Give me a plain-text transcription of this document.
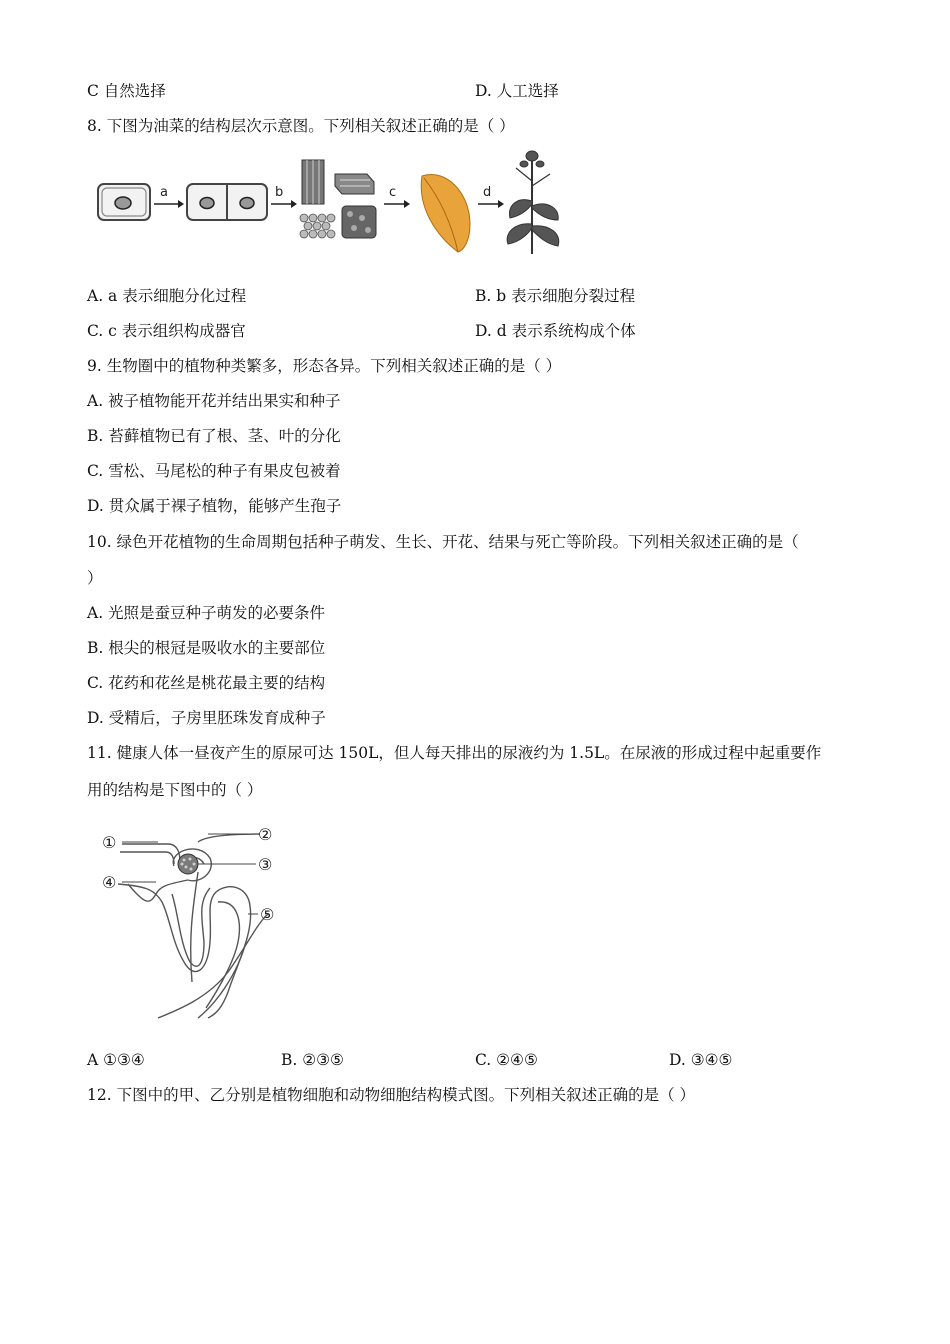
C 自然选择	D. 人工选择
8. 下图为油菜的结构层次示意图。下列相关叙述正确的是（ ）
a	b	c	d
A. a 表示细胞分化过程	B. b 表示细胞分裂过程
C. c 表示组织构成器官	D. d 表示系统构成个体
9. 生物圈中的植物种类繁多，形态各异。下列相关叙述正确的是（ ）
A. 被子植物能开花并结出果实和种子
B. 苔藓植物已有了根、茎、叶的分化
C. 雪松、马尾松的种子有果皮包被着
D. 贯众属于裸子植物，能够产生孢子
10. 绿色开花植物的生命周期包括种子萌发、生长、开花、结果与死亡等阶段。下列相关叙述正确的是（
）
A. 光照是蚕豆种子萌发的必要条件
B. 根尖的根冠是吸收水的主要部位
C. 花药和花丝是桃花最主要的结构
D. 受精后，子房里胚珠发育成种子
11. 健康人体一昼夜产生的原尿可达 150L，但人每天排出的尿液约为 1.5L。在尿液的形成过程中起重要作
用的结构是下图中的（ ）
①	②
③
④
⑤
A ①③④	B. ②③⑤	C. ②④⑤	D. ③④⑤
12. 下图中的甲、乙分别是植物细胞和动物细胞结构模式图。下列相关叙述正确的是（ ）
